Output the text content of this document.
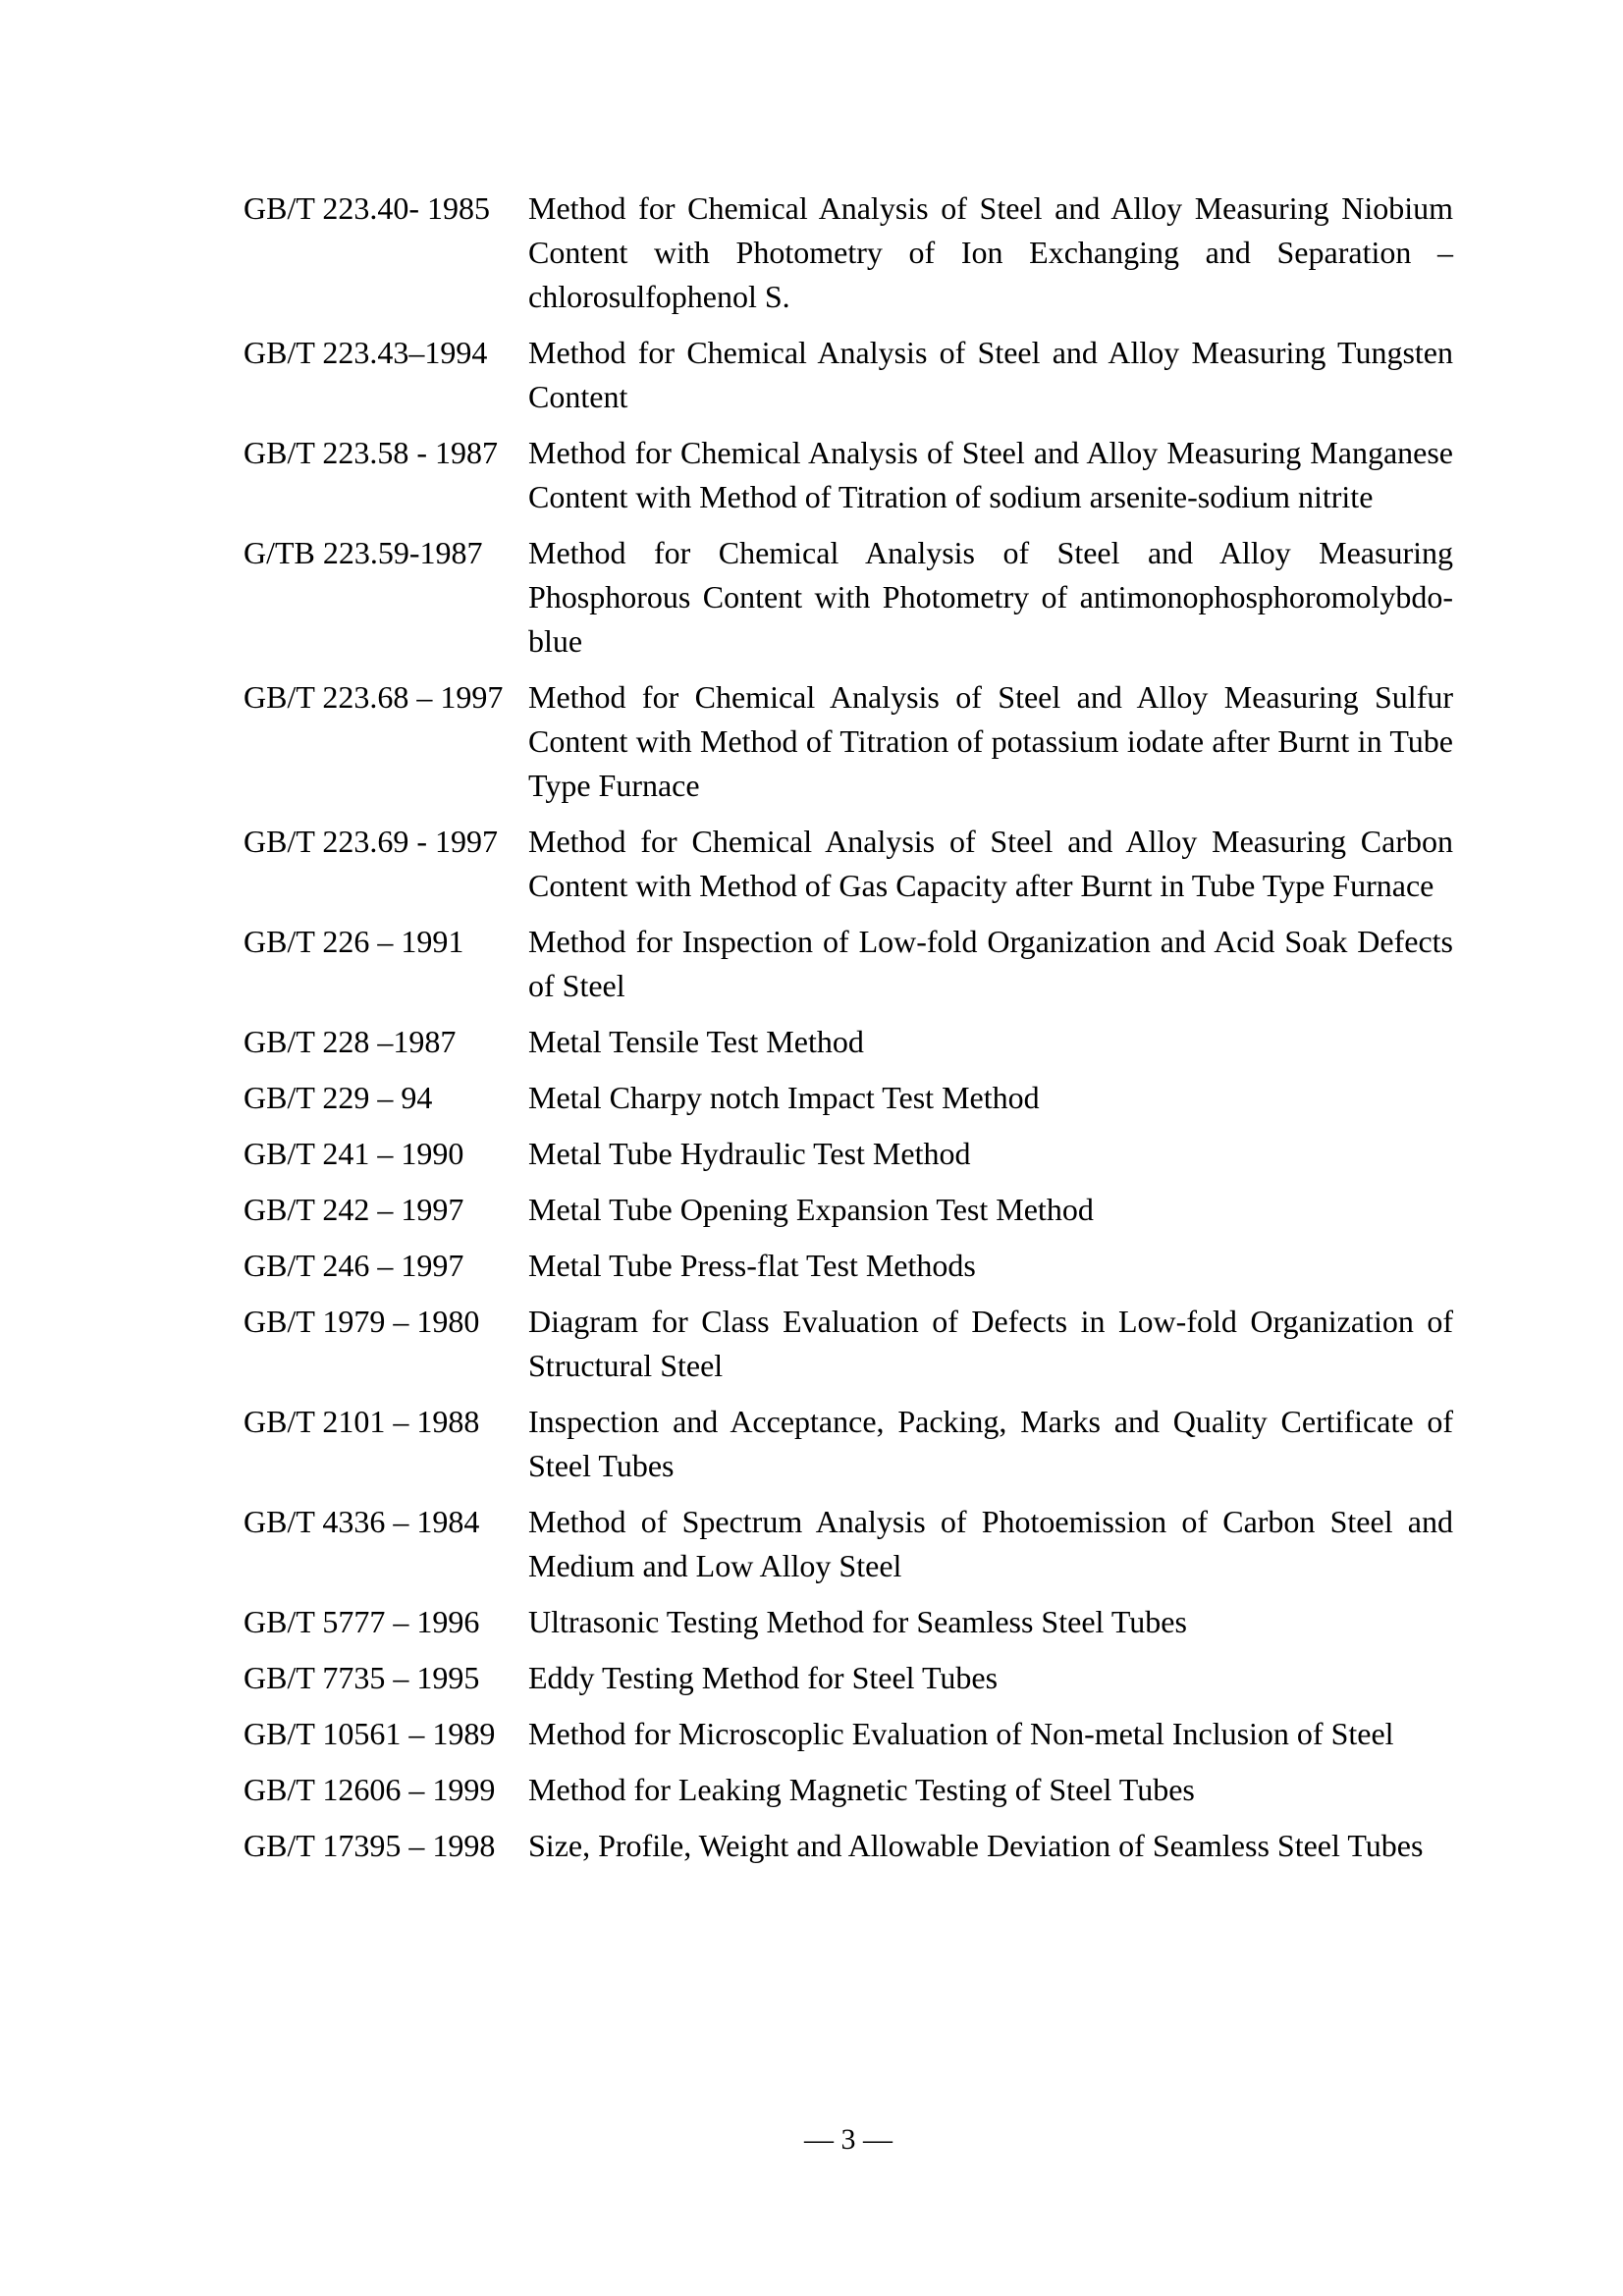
GB/T 223.40- 1985	Method for Chemical Analysis of Steel and Alloy Measuring Niobium Content with Photometry of Ion Exchanging and Separation – chlorosulfophenol S.
GB/T 223.43–1994	Method for Chemical Analysis of Steel and Alloy Measuring Tungsten Content
GB/T 223.58 - 1987 Method for Chemical Analysis of Steel and Alloy Measuring Manganese Content with Method of Titration of sodium arsenite-sodium nitrite
G/TB 223.59-1987	Method for Chemical Analysis of Steel and Alloy Measuring Phosphorous Content with Photometry of antimonophosphoromolybdo-blue
GB/T 223.68 – 1997 Method for Chemical Analysis of Steel and Alloy Measuring Sulfur Content with Method of Titration of potassium iodate after Burnt in Tube Type Furnace
GB/T 223.69 - 1997 Method for Chemical Analysis of Steel and Alloy Measuring Carbon Content with Method of Gas Capacity after Burnt in Tube Type Furnace
GB/T 226 – 1991	Method for Inspection of Low-fold Organization and Acid Soak Defects of Steel
GB/T 228 –1987	Metal Tensile Test Method
GB/T 229 – 94	Metal Charpy notch Impact Test Method
GB/T 241 – 1990	Metal Tube Hydraulic Test Method
GB/T 242 – 1997	Metal Tube Opening Expansion Test Method
GB/T 246 – 1997	Metal Tube Press-flat Test Methods
GB/T 1979 – 1980	Diagram for Class Evaluation of Defects in Low-fold Organization of Structural Steel
GB/T 2101 – 1988	Inspection and Acceptance, Packing, Marks and Quality Certificate of Steel Tubes
GB/T 4336 – 1984	Method of Spectrum Analysis of Photoemission of Carbon Steel and Medium and Low Alloy Steel
GB/T 5777 – 1996	Ultrasonic Testing Method for Seamless Steel Tubes
GB/T 7735 – 1995	Eddy Testing Method for Steel Tubes
GB/T 10561 – 1989	Method for Microscoplic Evaluation of Non-metal Inclusion of Steel
GB/T 12606 – 1999	Method for Leaking Magnetic Testing of Steel Tubes
GB/T 17395 – 1998	Size, Profile, Weight and Allowable Deviation of Seamless Steel Tubes
— 3 —
